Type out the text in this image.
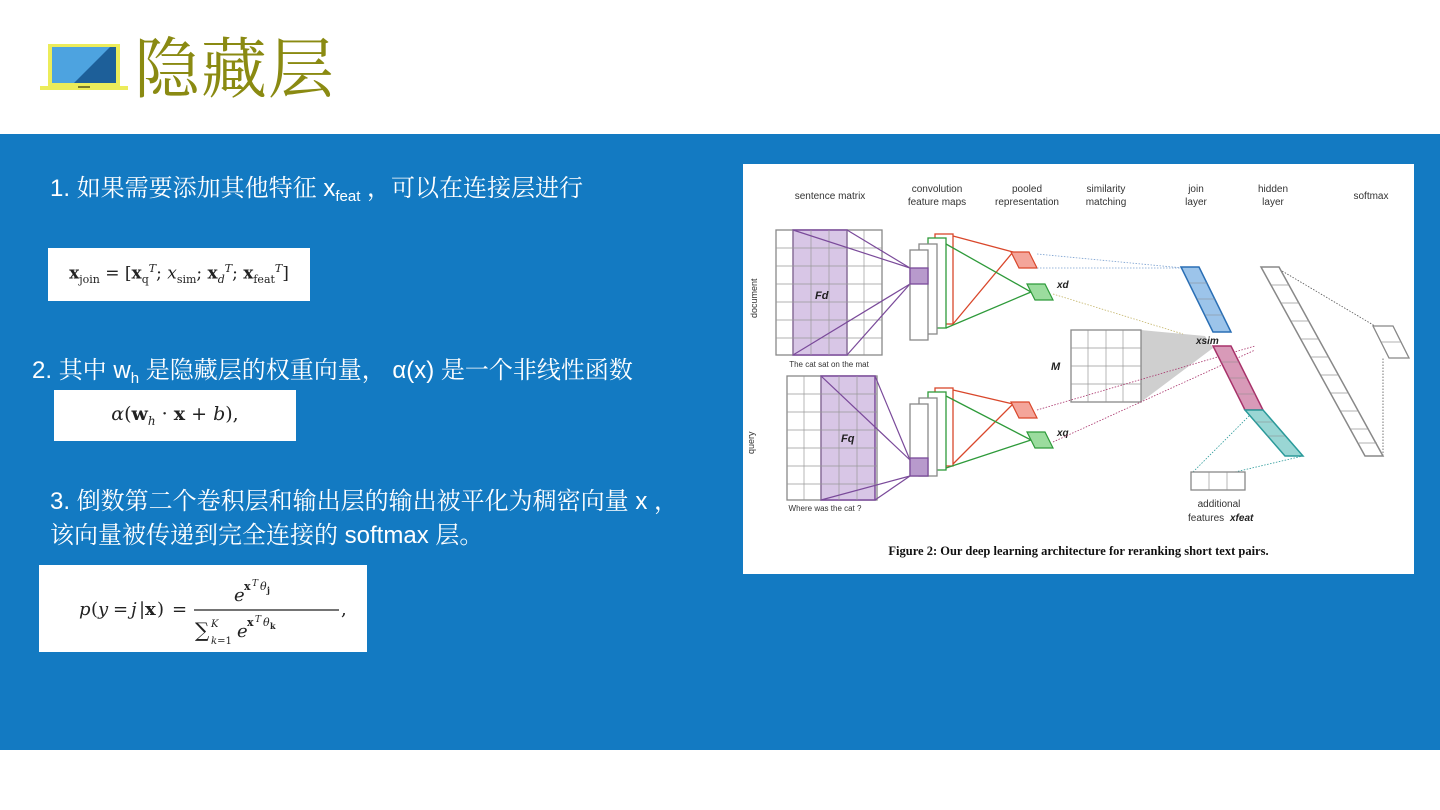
隐藏层
1. 如果需要添加其他特征 $x_{feat}$ ，可以在连接层进行
$x_{join} = [x_q^T$; $x_{sim}$; $x_d^T$; $x_{feat}^T$]
2. 其中 $w_h$ 是隐藏层的权重向量， α(x) 是一个非线性函数
$\alpha(w_h \cdot x + b)$,
3. 倒数第二个卷积层和输出层的输出被平化为稠密向量 x ，该向量被传递到完全连接的 softmax 层。
p ( y = j | x ) =
e x T θ j
∑ K
k=1 e x T θ k
,
sentence matrix
convolution
feature maps
pooled
representation
similarity
matching
join
layer
hidden
layer
softmax
document
query
Fd
The cat sat on the mat
Fq
Where was the cat ?
xd
xq
M
xsim
additional
features xfeat
Figure 2: Our deep learning architecture for reranking short text pairs.
